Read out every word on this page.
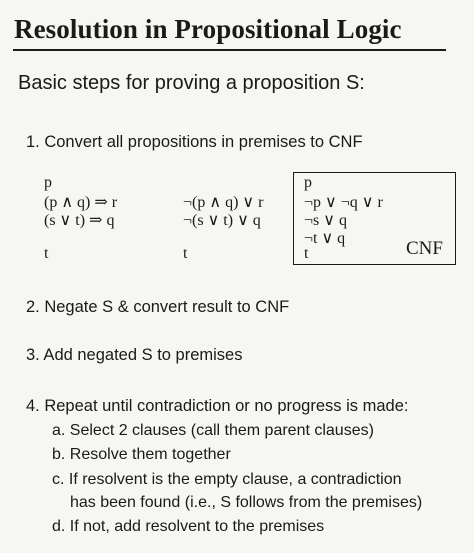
Resolution in Propositional Logic
Basic steps for proving a proposition S:
1. Convert all propositions in premises to CNF
p
(p ∧ q) ⇒ r
(s ∨ t) ⇒ q
t
¬(p ∧ q) ∨ r
¬(s ∨ t) ∨ q
t
p
¬p ∨ ¬q ∨ r
¬s ∨ q
¬t ∨ q
t	CNF
2. Negate S & convert result to CNF
3. Add negated S to premises
4. Repeat until contradiction or no progress is made:
a. Select 2 clauses (call them parent clauses)
b. Resolve them together
c. If resolvent is the empty clause, a contradiction
has been found (i.e., S follows from the premises)
d. If not, add resolvent to the premises
